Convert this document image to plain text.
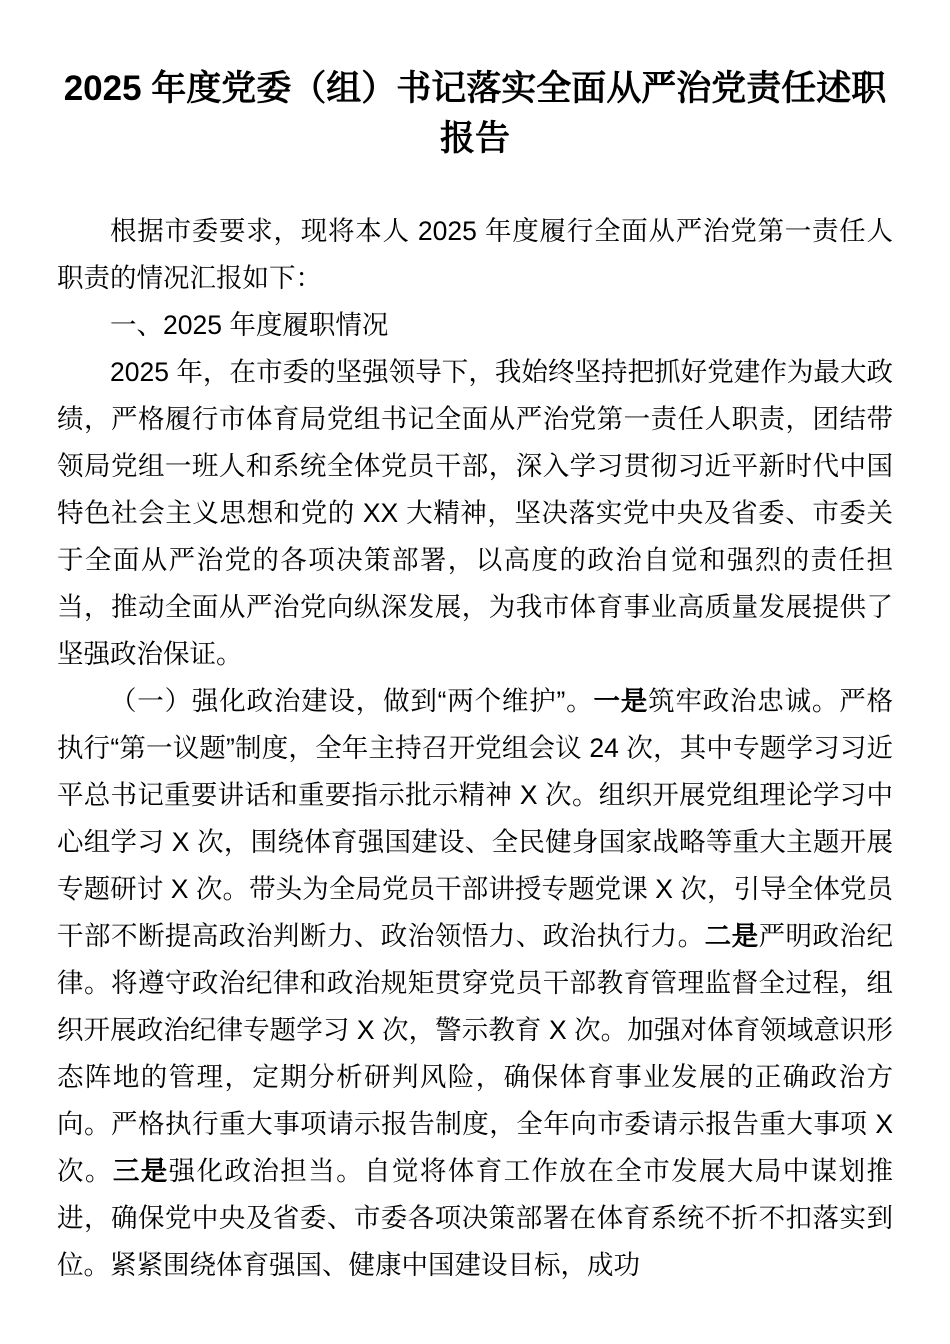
2025 年度党委（组）书记落实全面从严治党责任述职报告

根据市委要求，现将本人 2025 年度履行全面从严治党第一责任人职责的情况汇报如下：

一、2025 年度履职情况

2025 年，在市委的坚强领导下，我始终坚持把抓好党建作为最大政绩，严格履行市体育局党组书记全面从严治党第一责任人职责，团结带领局党组一班人和系统全体党员干部，深入学习贯彻习近平新时代中国特色社会主义思想和党的 XX 大精神，坚决落实党中央及省委、市委关于全面从严治党的各项决策部署，以高度的政治自觉和强烈的责任担当，推动全面从严治党向纵深发展，为我市体育事业高质量发展提供了坚强政治保证。

（一）强化政治建设，做到“两个维护”。一是筑牢政治忠诚。严格执行“第一议题”制度，全年主持召开党组会议 24 次，其中专题学习习近平总书记重要讲话和重要指示批示精神 X 次。组织开展党组理论学习中心组学习 X 次，围绕体育强国建设、全民健身国家战略等重大主题开展专题研讨 X 次。带头为全局党员干部讲授专题党课 X 次，引导全体党员干部不断提高政治判断力、政治领悟力、政治执行力。二是严明政治纪律。将遵守政治纪律和政治规矩贯穿党员干部教育管理监督全过程，组织开展政治纪律专题学习 X 次，警示教育 X 次。加强对体育领域意识形态阵地的管理，定期分析研判风险，确保体育事业发展的正确政治方向。严格执行重大事项请示报告制度，全年向市委请示报告重大事项 X 次。三是强化政治担当。自觉将体育工作放在全市发展大局中谋划推进，确保党中央及省委、市委各项决策部署在体育系统不折不扣落实到位。紧紧围绕体育强国、健康中国建设目标，成功
